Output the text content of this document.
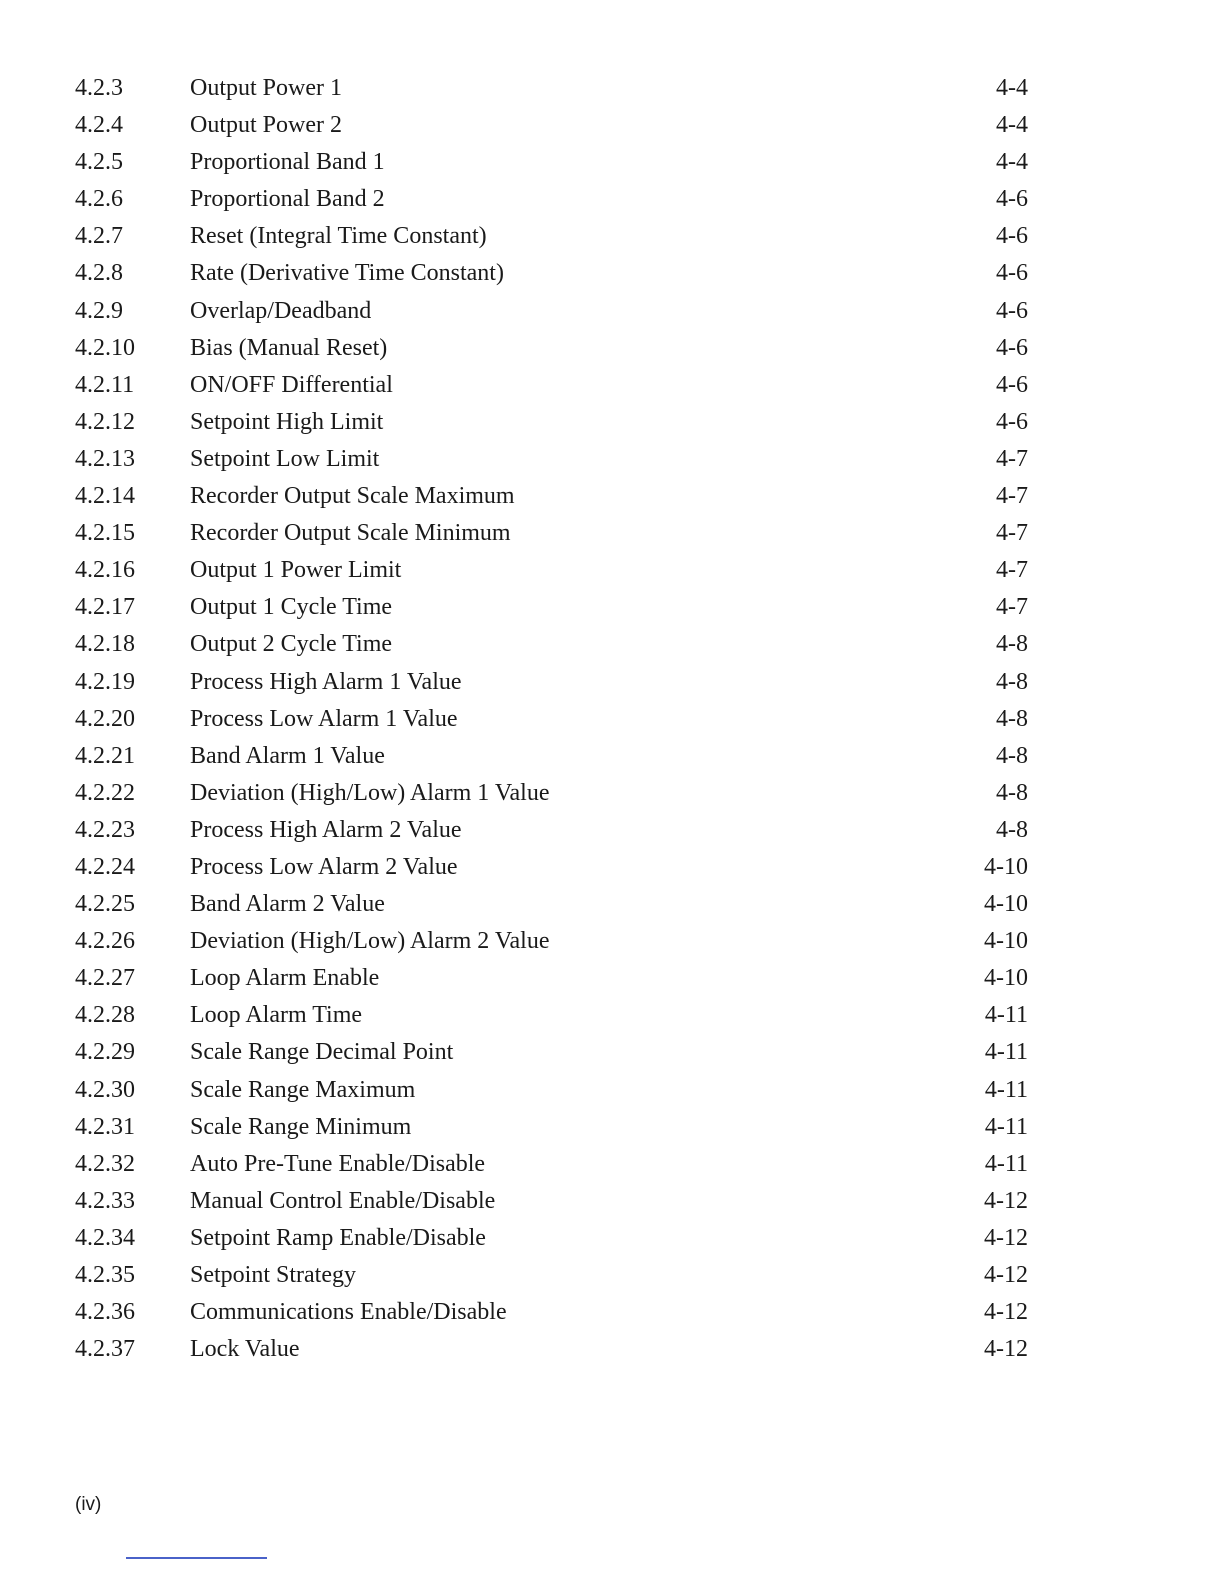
4.2.3	Output Power 1	4-4
4.2.4	Output Power 2	4-4
4.2.5	Proportional Band 1	4-4
4.2.6	Proportional Band 2	4-6
4.2.7	Reset (Integral Time Constant)	4-6
4.2.8	Rate (Derivative Time Constant)	4-6
4.2.9	Overlap/Deadband	4-6
4.2.10 Bias (Manual Reset)	4-6
4.2.11 ON/OFF Differential	4-6
4.2.12 Setpoint High Limit	4-6
4.2.13 Setpoint Low Limit	4-7
4.2.14 Recorder Output Scale Maximum	4-7
4.2.15 Recorder Output Scale Minimum	4-7
4.2.16 Output 1 Power Limit	4-7
4.2.17 Output 1 Cycle Time	4-7
4.2.18 Output 2 Cycle Time	4-8
4.2.19 Process High Alarm 1 Value	4-8
4.2.20 Process Low Alarm 1 Value	4-8
4.2.21 Band Alarm 1 Value	4-8
4.2.22 Deviation (High/Low) Alarm 1 Value	4-8
4.2.23 Process High Alarm 2 Value	4-8
4.2.24 Process Low Alarm 2 Value	4-10
4.2.25 Band Alarm 2 Value	4-10
4.2.26 Deviation (High/Low) Alarm 2 Value	4-10
4.2.27 Loop Alarm Enable	4-10
4.2.28 Loop Alarm Time	4-11
4.2.29 Scale Range Decimal Point	4-11
4.2.30 Scale Range Maximum	4-11
4.2.31 Scale Range Minimum	4-11
4.2.32 Auto Pre-Tune Enable/Disable	4-11
4.2.33 Manual Control Enable/Disable	4-12
4.2.34 Setpoint Ramp Enable/Disable	4-12
4.2.35 Setpoint Strategy	4-12
4.2.36 Communications Enable/Disable	4-12
4.2.37 Lock Value	4-12
(iv)
